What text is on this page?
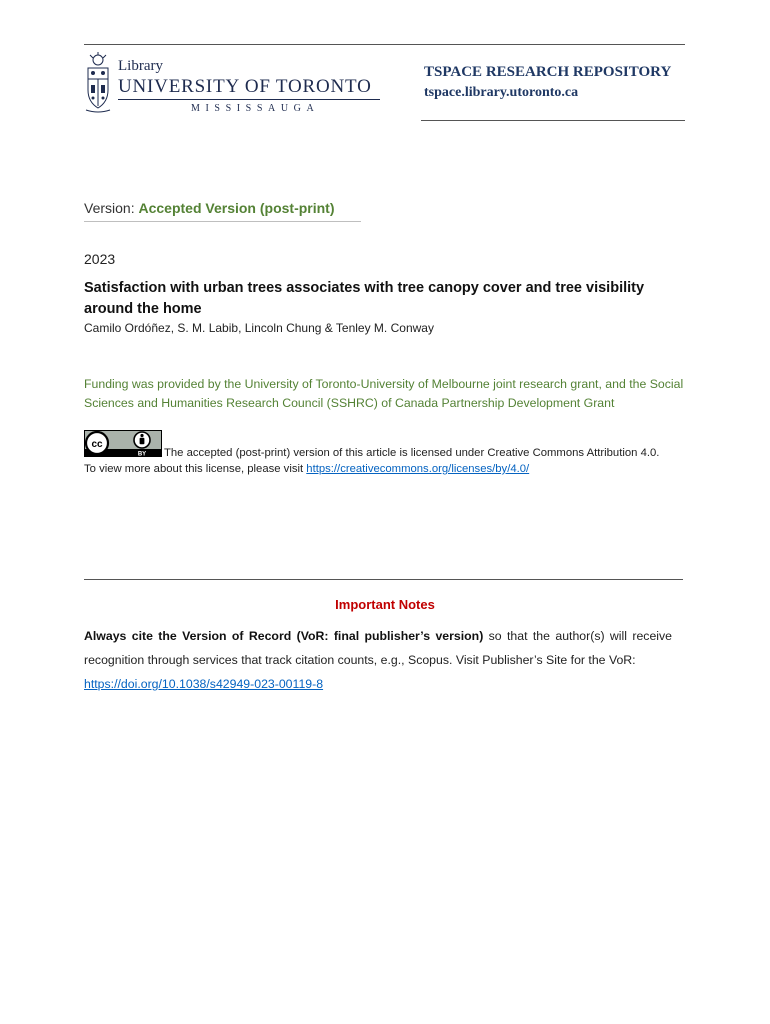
Library
UNIVERSITY OF TORONTO
MISSISSAUGA
TSPACE RESEARCH REPOSITORY
tspace.library.utoronto.ca
Version: Accepted Version (post-print)
2023
Satisfaction with urban trees associates with tree canopy cover and tree visibility around the home
Camilo Ordóñez, S. M. Labib, Lincoln Chung & Tenley M. Conway
Funding was provided by the University of Toronto-University of Melbourne joint research grant, and the Social Sciences and Humanities Research Council (SSHRC) of Canada Partnership Development Grant
cc
BY The accepted (post-print) version of this article is licensed under Creative Commons Attribution 4.0.
To view more about this license, please visit https://creativecommons.org/licenses/by/4.0/
Important Notes
Always cite the Version of Record (VoR: final publisher’s version) so that the author(s) will receive recognition through services that track citation counts, e.g., Scopus. Visit Publisher’s Site for the VoR:
https://doi.org/10.1038/s42949-023-00119-8
